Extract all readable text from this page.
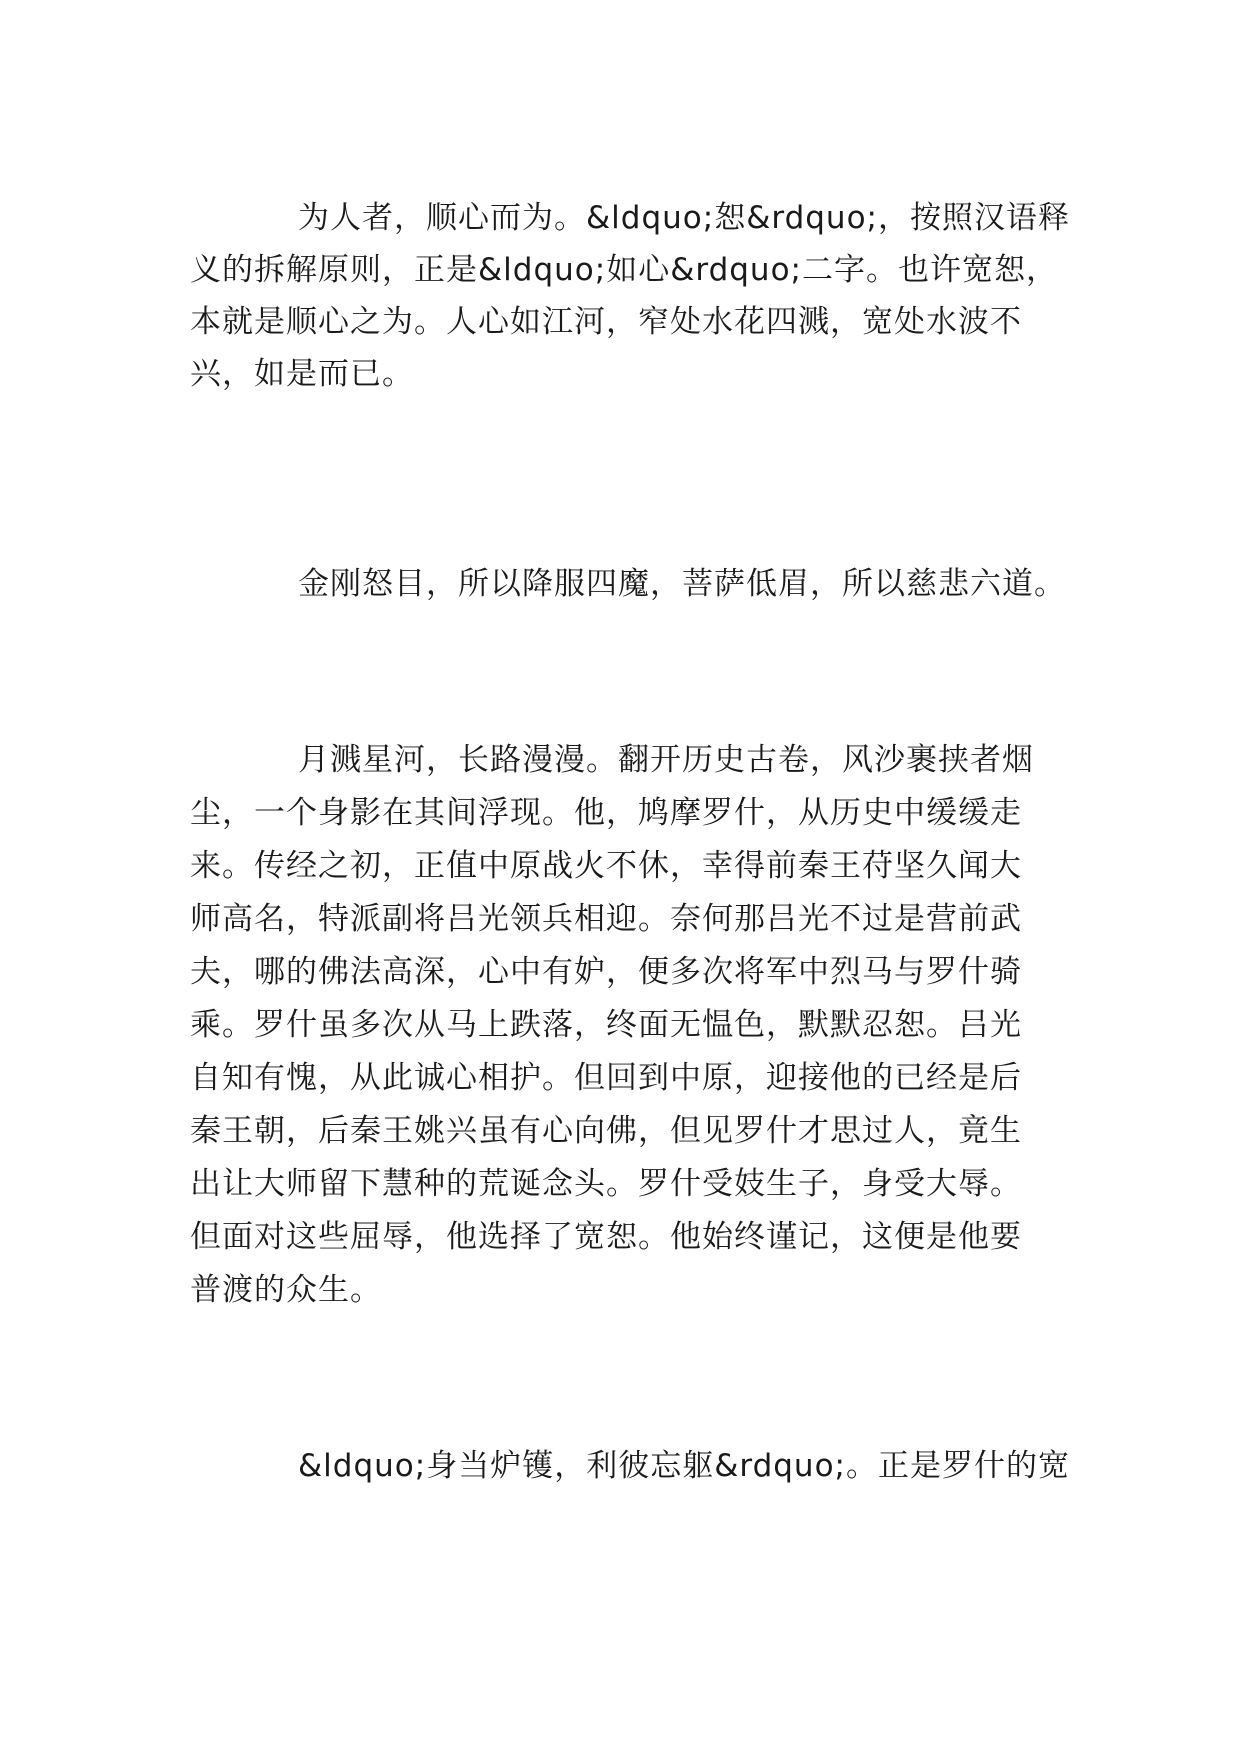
为人者，顺心而为。&ldquo;恕&rdquo;，按照汉语释
义的拆解原则，正是&ldquo;如心&rdquo;二字。也许宽恕，
本就是顺心之为。人心如江河，窄处水花四溅，宽处水波不
兴，如是而已。
金刚怒目，所以降服四魔，菩萨低眉，所以慈悲六道。
月溅星河，长路漫漫。翻开历史古卷，风沙裹挟者烟
尘，一个身影在其间浮现。他，鸠摩罗什，从历史中缓缓走
来。传经之初，正值中原战火不休，幸得前秦王苻坚久闻大
师高名，特派副将吕光领兵相迎。奈何那吕光不过是营前武
夫，哪的佛法高深，心中有妒，便多次将军中烈马与罗什骑
乘。罗什虽多次从马上跌落，终面无愠色，默默忍恕。吕光
自知有愧，从此诚心相护。但回到中原，迎接他的已经是后
秦王朝，后秦王姚兴虽有心向佛，但见罗什才思过人，竟生
出让大师留下慧种的荒诞念头。罗什受妓生子，身受大辱。
但面对这些屈辱，他选择了宽恕。他始终谨记，这便是他要
普渡的众生。
&ldquo;身当炉镬，利彼忘躯&rdquo;。正是罗什的宽
